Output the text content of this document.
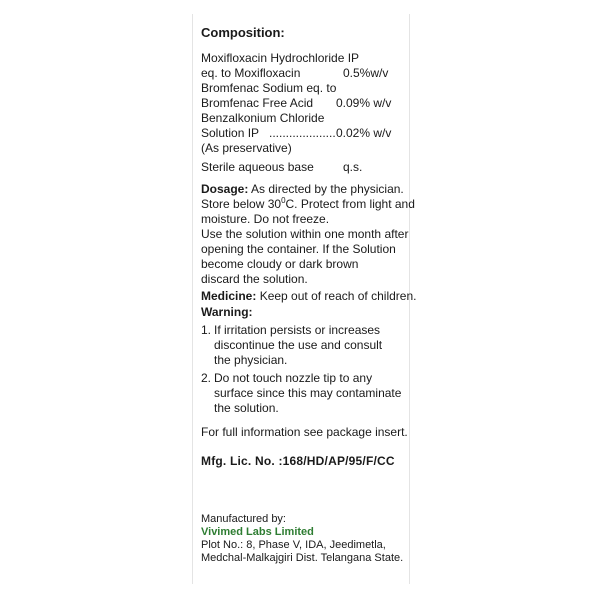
Composition:
Moxifloxacin Hydrochloride IP
eq. to Moxifloxacin	0.5%w/v
Bromfenac Sodium eq. to
Bromfenac Free Acid 0.09% w/v
Benzalkonium Chloride
Solution IP .................... 0.02% w/v
(As preservative)
Sterile aqueous base q.s.
Dosage: As directed by the physician.
Store below $30^0C$. Protect from light and
moisture. Do not freeze.
Use the solution within one month after
opening the container. If the Solution
become cloudy or dark brown
discard the solution.
Medicine: Keep out of reach of children.
Warning:
1. If irritation persists or increases
discontinue the use and consult
the physician.
2. Do not touch nozzle tip to any
surface since this may contaminate
the solution.
For full information see package insert.
Mfg. Lic. No. :168/HD/AP/95/F/CC
Manufactured by:
Vivimed Labs Limited
Plot No.: 8, Phase V, IDA, Jeedimetla,
Medchal-Malkajgiri Dist. Telangana State.
